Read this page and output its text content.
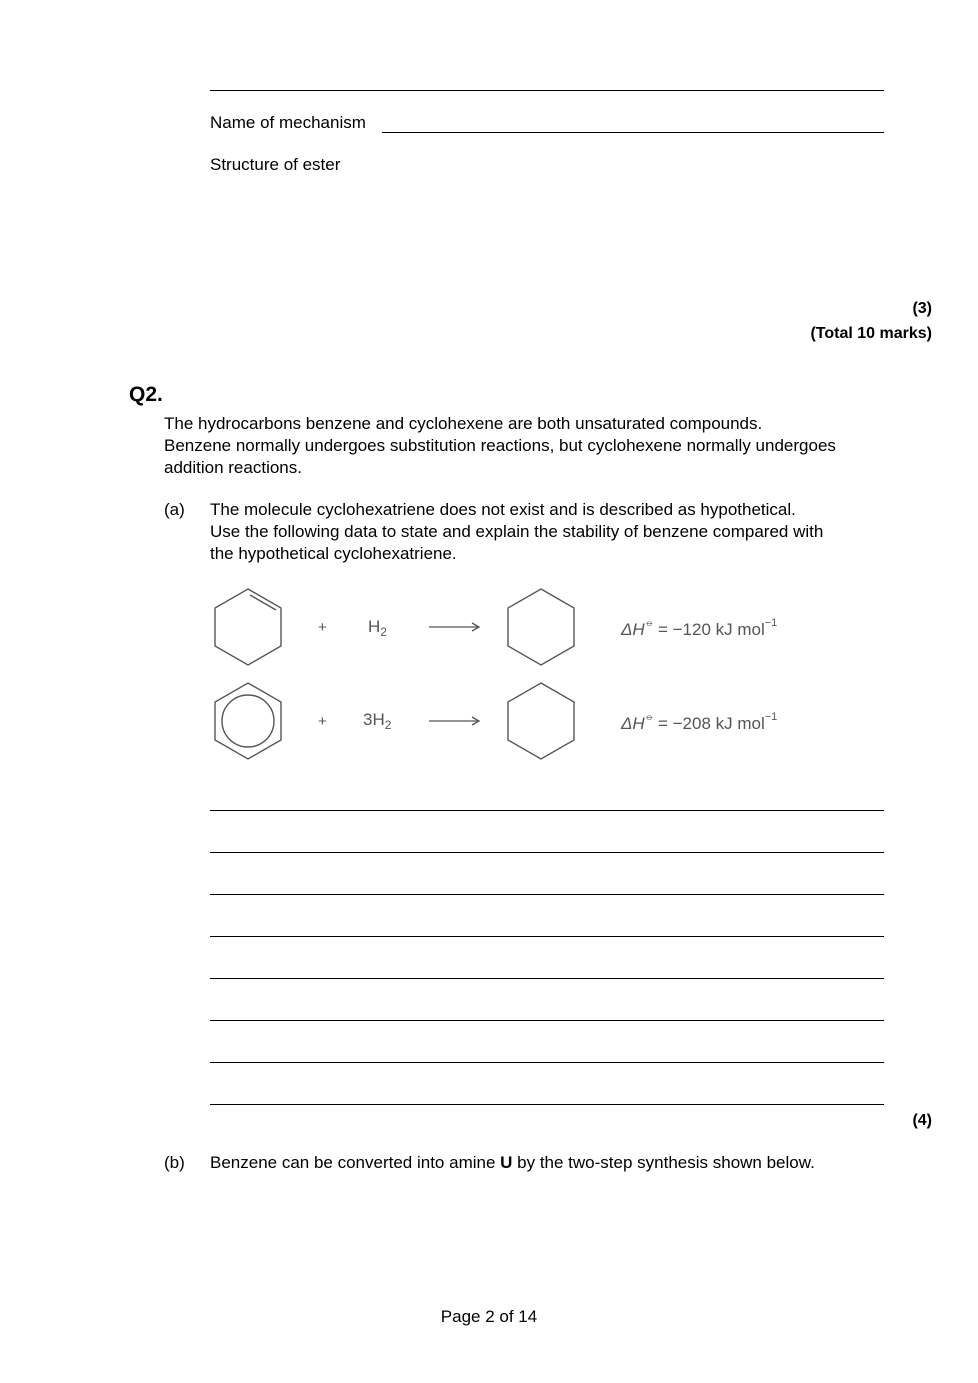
Name of mechanism
Structure of ester
(3)
(Total 10 marks)
Q2.
The hydrocarbons benzene and cyclohexene are both unsaturated compounds.
Benzene normally undergoes substitution reactions, but cyclohexene normally undergoes
addition reactions.
(a) The molecule cyclohexatriene does not exist and is described as hypothetical.
Use the following data to state and explain the stability of benzene compared with
the hypothetical cyclohexatriene.
+ $H_2$	ΔH⦵ = −120 kJ mol$^{-1}$
+ $3H_2$	ΔH⦵ = −208 kJ mol$^{-1}$
(4)
(b) Benzene can be converted into amine U by the two-step synthesis shown below.
Page 2 of 14
